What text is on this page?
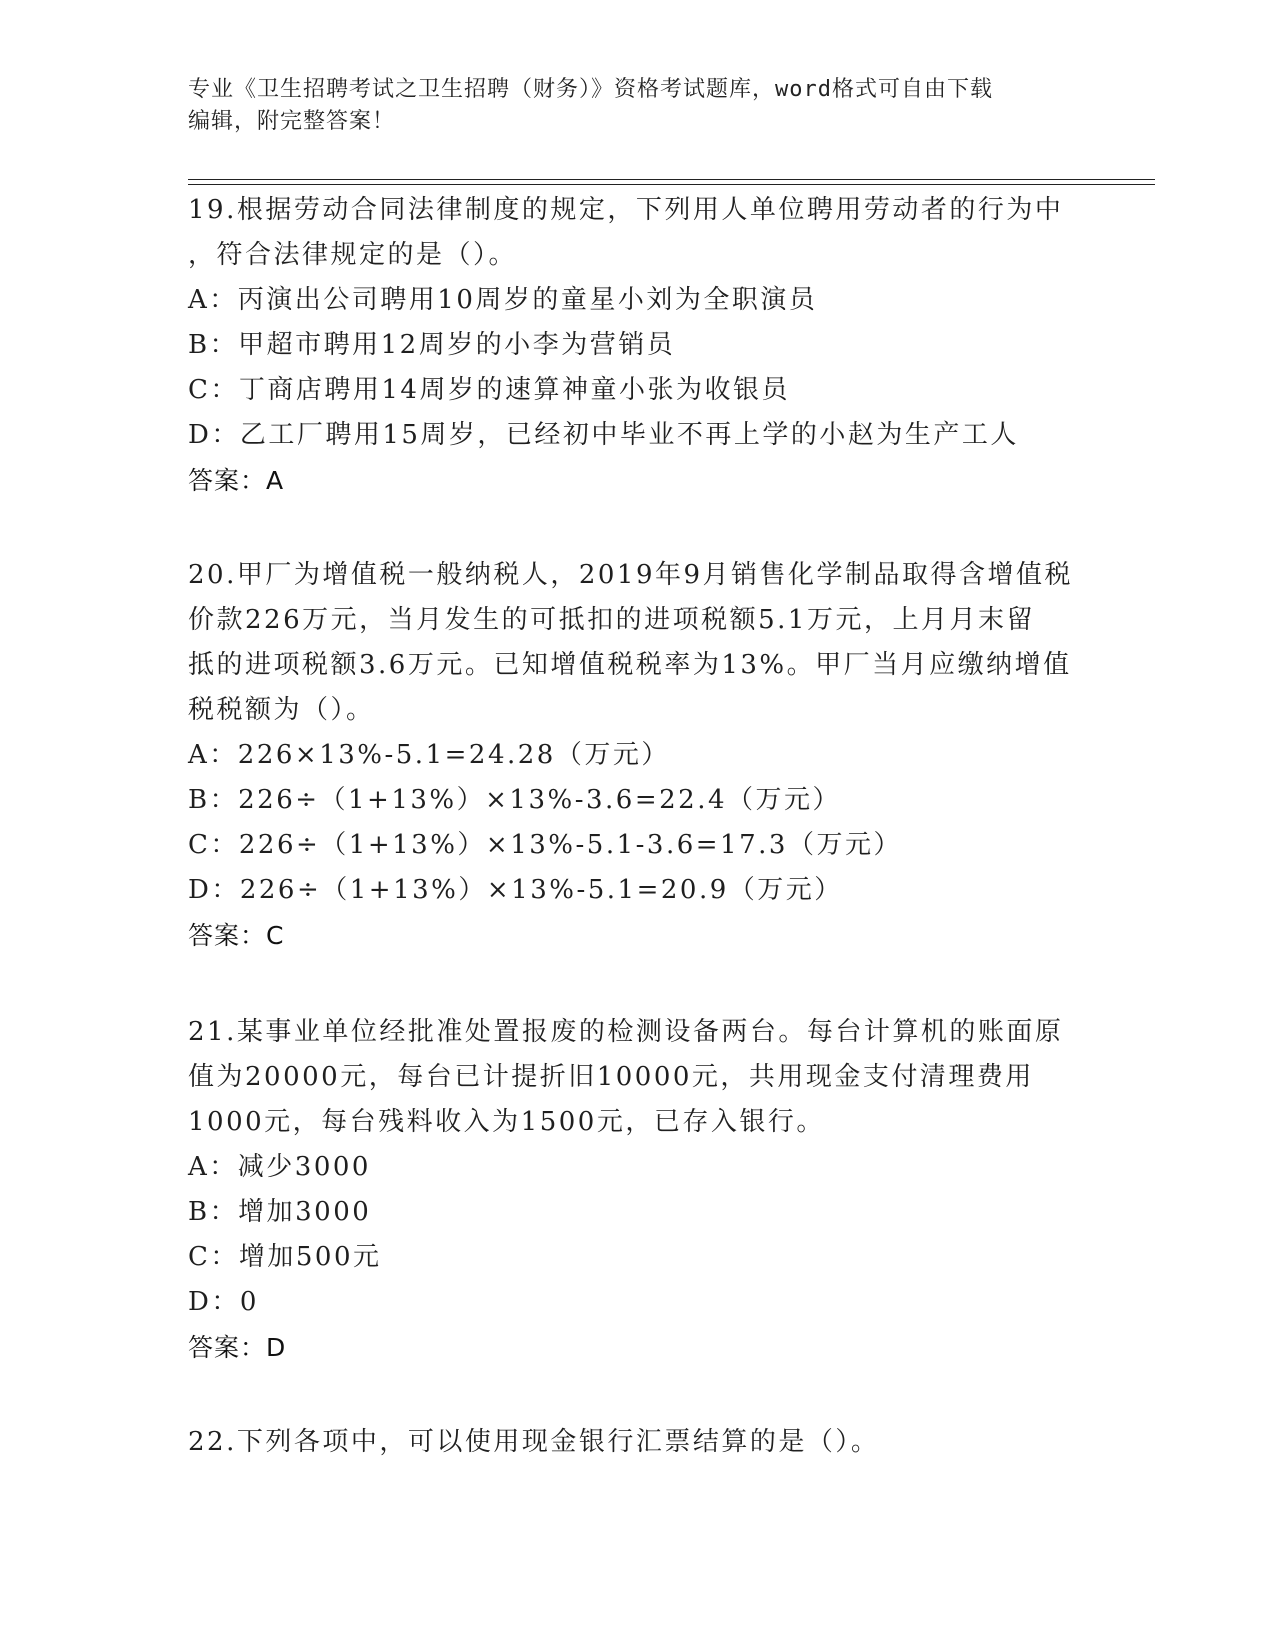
专业《卫生招聘考试之卫生招聘（财务）》资格考试题库，word格式可自由下载
编辑，附完整答案！
19.根据劳动合同法律制度的规定，下列用人单位聘用劳动者的行为中
，符合法律规定的是（）。
A：丙演出公司聘用10周岁的童星小刘为全职演员
B：甲超市聘用12周岁的小李为营销员
C：丁商店聘用14周岁的速算神童小张为收银员
D：乙工厂聘用15周岁，已经初中毕业不再上学的小赵为生产工人
答案：A
20.甲厂为增值税一般纳税人，2019年9月销售化学制品取得含增值税
价款226万元，当月发生的可抵扣的进项税额5.1万元，上月月末留
抵的进项税额3.6万元。已知增值税税率为13%。甲厂当月应缴纳增值
税税额为（）。
A：226×13%-5.1=24.28（万元）
B：226÷（1+13%）×13%-3.6=22.4（万元）
C：226÷（1+13%）×13%-5.1-3.6=17.3（万元）
D：226÷（1+13%）×13%-5.1=20.9（万元）
答案：C
21.某事业单位经批准处置报废的检测设备两台。每台计算机的账面原
值为20000元，每台已计提折旧10000元，共用现金支付清理费用
1000元，每台残料收入为1500元，已存入银行。
A：减少3000
B：增加3000
C：增加500元
D：0
答案：D
22.下列各项中，可以使用现金银行汇票结算的是（）。
